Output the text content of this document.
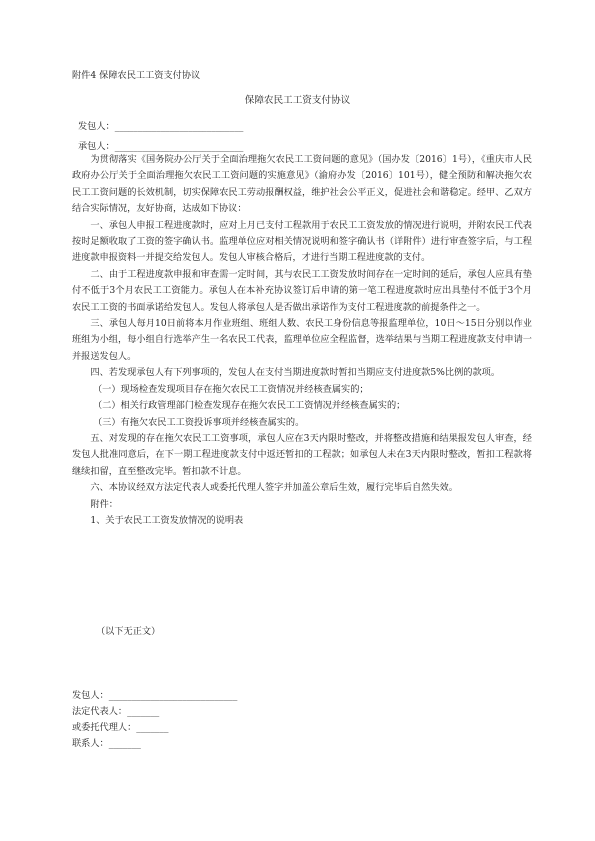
附件4 保障农民工工资支付协议
保障农民工工资支付协议
发包人：____________________________
承包人：____________________________

为贯彻落实《国务院办公厅关于全面治理拖欠农民工工资问题的意见》（国办发〔2016〕1号），《重庆市人民政府办公厅关于全面治理拖欠农民工工资问题的实施意见》（渝府办发〔2016〕101号），健全预防和解决拖欠农民工工资问题的长效机制，切实保障农民工劳动报酬权益，维护社会公平正义，促进社会和谐稳定。经甲、乙双方结合实际情况，友好协商，达成如下协议：

一、承包人申报工程进度款时，应对上月已支付工程款用于农民工工资发放的情况进行说明，并附农民工代表按时足额收取了工资的签字确认书。监理单位应对相关情况说明和签字确认书（详附件）进行审查签字后，与工程进度款申报资料一并提交给发包人。发包人审核合格后，才进行当期工程进度款的支付。

二、由于工程进度款申报和审查需一定时间，其与农民工工资发放时间存在一定时间的延后，承包人应具有垫付不低于3个月农民工工资能力。承包人在本补充协议签订后申请的第一笔工程进度款时应出具垫付不低于3个月农民工工资的书面承诺给发包人。发包人将承包人是否做出承诺作为支付工程进度款的前提条件之一。

三、承包人每月10日前将本月作业班组、班组人数、农民工身份信息等报监理单位，10日～15日分别以作业班组为小组，每小组自行选举产生一名农民工代表，监理单位应全程监督，选举结果与当期工程进度款支付申请一并报送发包人。

四、若发现承包人有下列事项的，发包人在支付当期进度款时暂扣当期应支付进度款5%比例的款项。

（一）现场检查发现项目存在拖欠农民工工资情况并经核查属实的；

（二）相关行政管理部门检查发现存在拖欠农民工工资情况并经核查属实的；

（三）有拖欠农民工工资投诉事项并经核查属实的。

五、对发现的存在拖欠农民工工资事项，承包人应在3天内限时整改，并将整改措施和结果报发包人审查，经发包人批准同意后，在下一期工程进度款支付中返还暂扣的工程款；如承包人未在3天内限时整改，暂扣工程款将继续扣留，直至整改完毕。暂扣款不计息。

六、本协议经双方法定代表人或委托代理人签字并加盖公章后生效，履行完毕后自然失效。

附件：

1、关于农民工工资发放情况的说明表

（以下无正文）
发包人：____________________________
法定代表人：_______
或委托代理人：_______
联系人：_______
